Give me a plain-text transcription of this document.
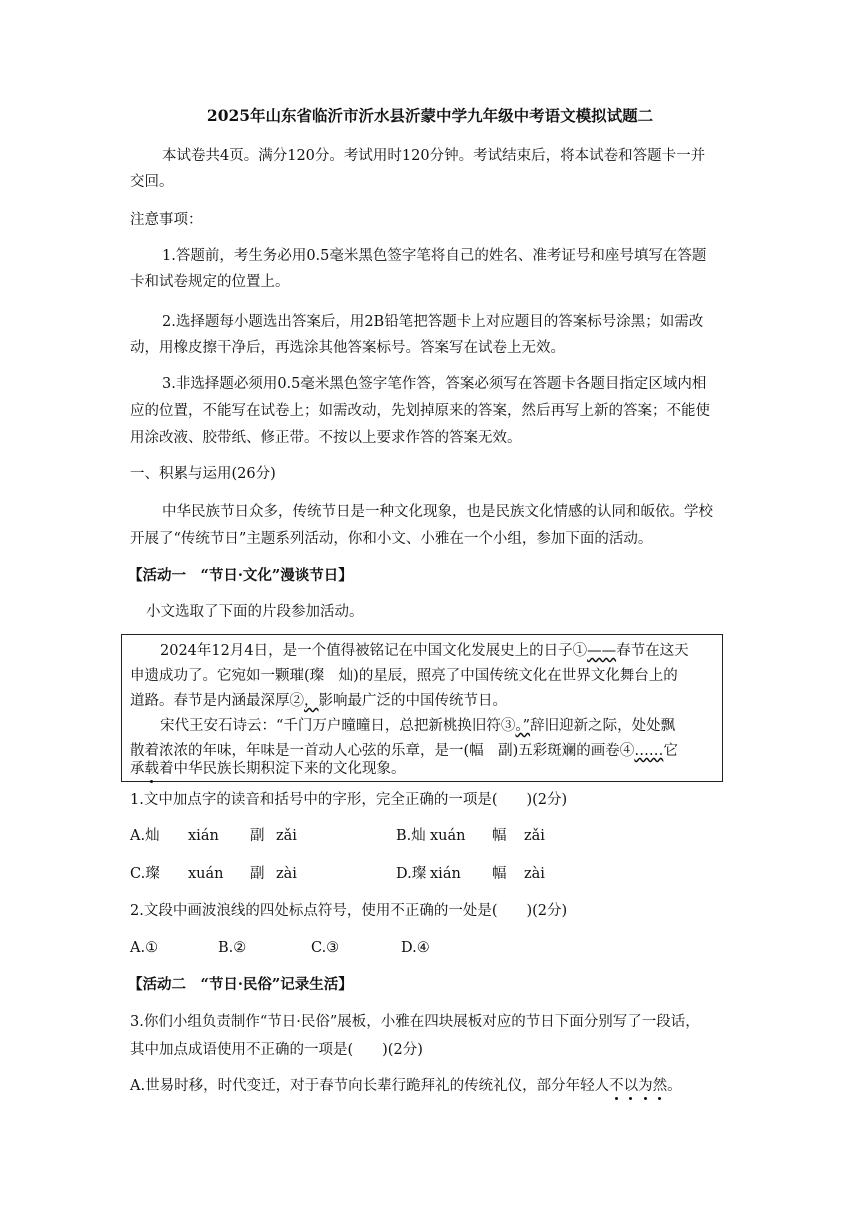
2025年山东省临沂市沂水县沂蒙中学九年级中考语文模拟试题二
本试卷共4页。满分120分。考试用时120分钟。考试结束后，将本试卷和答题卡一并
交回。
注意事项：
1.答题前，考生务必用0.5毫米黑色签字笔将自己的姓名、准考证号和座号填写在答题
卡和试卷规定的位置上。
2.选择题每小题选出答案后，用2B铅笔把答题卡上对应题目的答案标号涂黑；如需改
动，用橡皮擦干净后，再选涂其他答案标号。答案写在试卷上无效。
3.非选择题必须用0.5毫米黑色签字笔作答，答案必须写在答题卡各题目指定区域内相
应的位置，不能写在试卷上；如需改动，先划掉原来的答案，然后再写上新的答案；不能使
用涂改液、胶带纸、修正带。不按以上要求作答的答案无效。
一、积累与运用(26分)
中华民族节日众多，传统节日是一种文化现象，也是民族文化情感的认同和皈依。学校
开展了“传统节日”主题系列活动，你和小文、小雅在一个小组，参加下面的活动。
【活动一　“节日·文化”漫谈节日】
小文选取了下面的片段参加活动。
2024年12月4日，是一个值得被铭记在中国文化发展史上的日子①——春节在这天
申遗成功了。它宛如一颗璀(璨　灿)的星辰，照亮了中国传统文化在世界文化舞台上的
道路。春节是内涵最深厚②，影响最广泛的中国传统节日。
宋代王安石诗云：“千门万户曈曈日，总把新桃换旧符③。”辞旧迎新之际，处处飘
散着浓浓的年味，年味是一首动人心弦的乐章，是一(幅　副)五彩斑斓的画卷④……它
承载着中华民族长期积淀下来的文化现象。
1.文中加点字的读音和括号中的字形，完全正确的一项是(　　)(2分)
A.灿 xián 副 zǎi	B.灿 xuán 幅 zǎi
C.璨 xuán 副 zài	D.璨 xián 幅 zài
2.文段中画波浪线的四处标点符号，使用不正确的一处是(　　)(2分)
A.①	B.②	C.③	D.④
【活动二　“节日·民俗”记录生活】
3.你们小组负责制作“节日·民俗”展板，小雅在四块展板对应的节日下面分别写了一段话，
其中加点成语使用不正确的一项是(　　)(2分)
A.世易时移，时代变迁，对于春节向长辈行跪拜礼的传统礼仪，部分年轻人不以为然。
